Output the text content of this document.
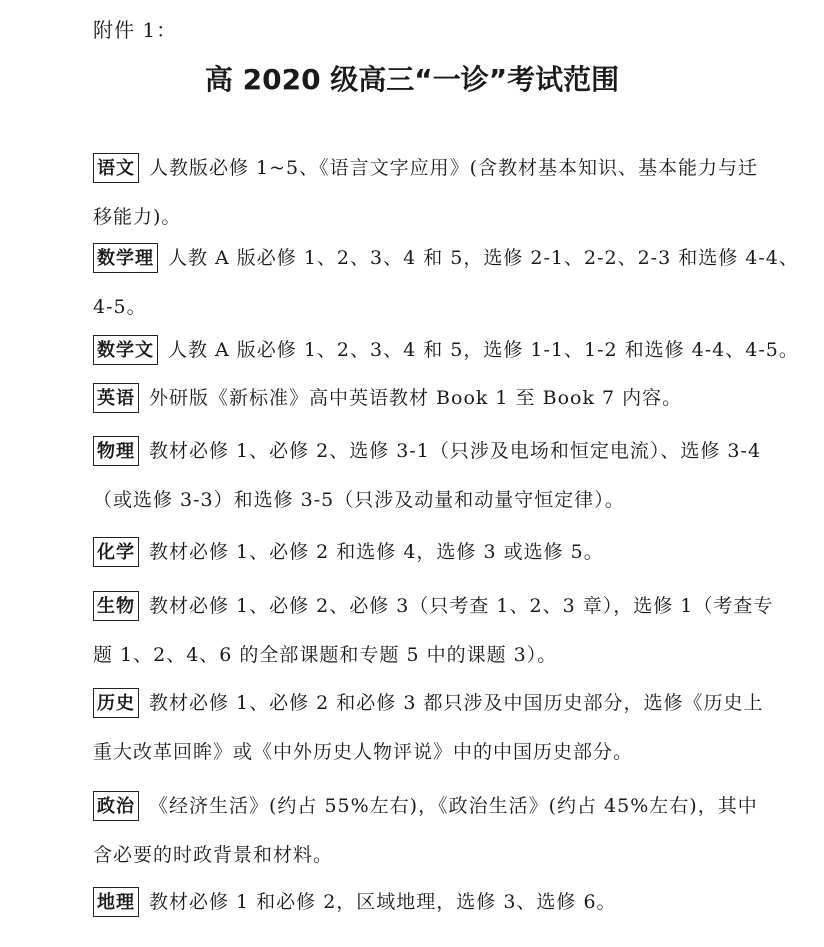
附件 1：
高 2020 级高三“一诊”考试范围
语文 人教版必修 1~5、《语言文字应用》(含教材基本知识、基本能力与迁
移能力)。
数学理 人教 A 版必修 1、2、3、4 和 5，选修 2-1、2-2、2-3 和选修 4-4、
4-5。
数学文 人教 A 版必修 1、2、3、4 和 5，选修 1-1、1-2 和选修 4-4、4-5。
英语 外研版《新标准》高中英语教材 Book 1 至 Book 7 内容。
物理 教材必修 1、必修 2、选修 3-1（只涉及电场和恒定电流）、选修 3-4
（或选修 3-3）和选修 3-5（只涉及动量和动量守恒定律）。
化学 教材必修 1、必修 2 和选修 4，选修 3 或选修 5。
生物 教材必修 1、必修 2、必修 3（只考查 1、2、3 章），选修 1（考查专
题 1、2、4、6 的全部课题和专题 5 中的课题 3）。
历史 教材必修 1、必修 2 和必修 3 都只涉及中国历史部分，选修《历史上
重大改革回眸》或《中外历史人物评说》中的中国历史部分。
政治 《经济生活》(约占 55%左右)，《政治生活》(约占 45%左右)，其中
含必要的时政背景和材料。
地理 教材必修 1 和必修 2，区域地理，选修 3、选修 6。
